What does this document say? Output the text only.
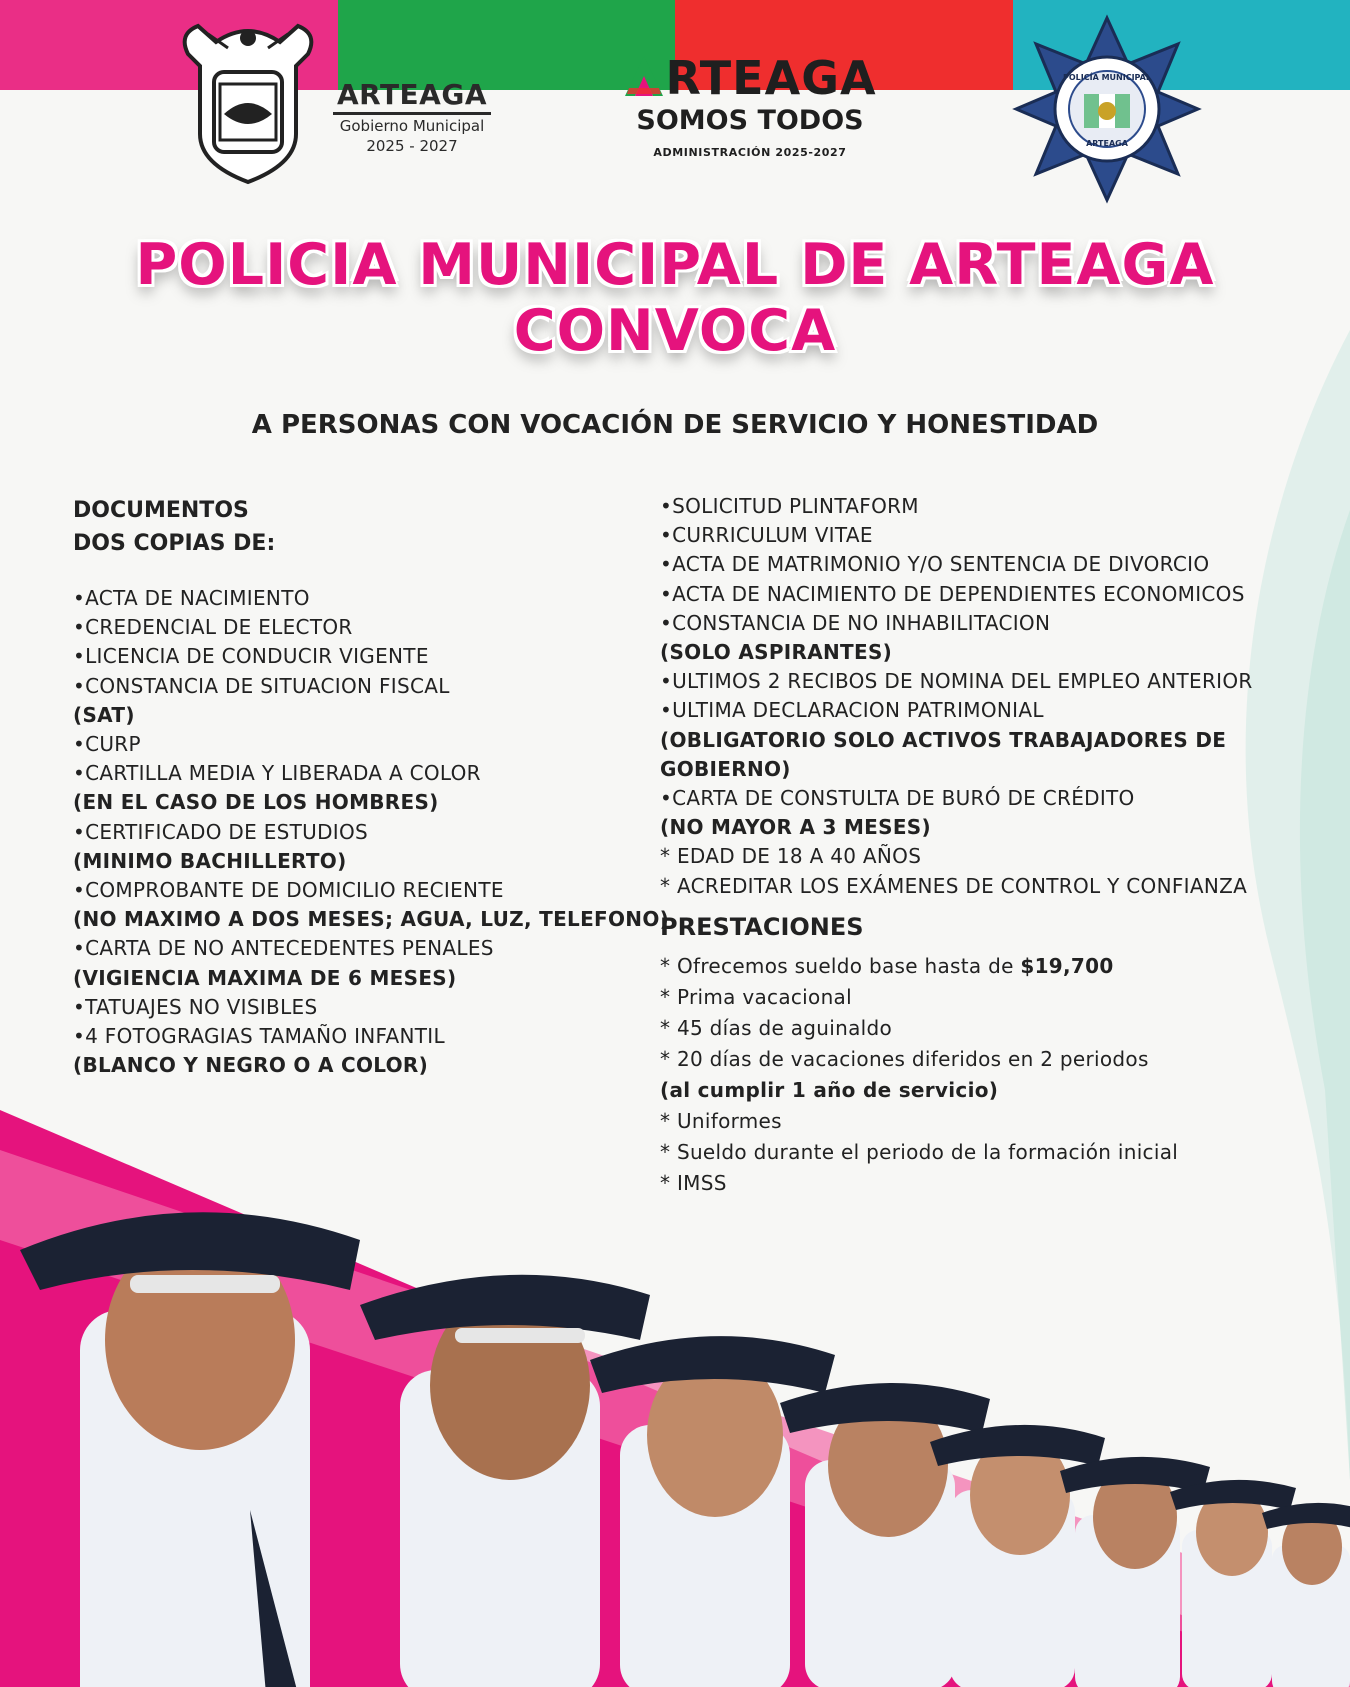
ARTEAGA
Gobierno Municipal
2025 - 2027
RTEAGA
SOMOS TODOS
ADMINISTRACIÓN 2025-2027
POLICÍA MUNICIPAL
ARTEAGA
POLICIA MUNICIPAL DE ARTEAGA
CONVOCA
A PERSONAS CON VOCACIÓN DE SERVICIO Y HONESTIDAD
DOCUMENTOS
DOS COPIAS DE:
•ACTA DE NACIMIENTO
•CREDENCIAL DE ELECTOR
•LICENCIA DE CONDUCIR VIGENTE
•CONSTANCIA DE SITUACION FISCAL
(SAT)
•CURP
•CARTILLA MEDIA Y LIBERADA A COLOR
(EN EL CASO DE LOS HOMBRES)
•CERTIFICADO DE ESTUDIOS
(MINIMO BACHILLERTO)
•COMPROBANTE DE DOMICILIO RECIENTE
(NO MAXIMO A DOS MESES; AGUA, LUZ, TELEFONO)
•CARTA DE NO ANTECEDENTES PENALES
(VIGIENCIA MAXIMA DE 6 MESES)
•TATUAJES NO VISIBLES
•4 FOTOGRAGIAS TAMAÑO INFANTIL
(BLANCO Y NEGRO O A COLOR)
•SOLICITUD PLINTAFORM
•CURRICULUM VITAE
•ACTA DE MATRIMONIO Y/O SENTENCIA DE DIVORCIO
•ACTA DE NACIMIENTO DE DEPENDIENTES ECONOMICOS
•CONSTANCIA DE NO INHABILITACION
(SOLO ASPIRANTES)
•ULTIMOS 2 RECIBOS DE NOMINA DEL EMPLEO ANTERIOR
•ULTIMA DECLARACION PATRIMONIAL
(OBLIGATORIO SOLO ACTIVOS TRABAJADORES DE
GOBIERNO)
•CARTA DE CONSTULTA DE BURÓ DE CRÉDITO
(NO MAYOR A 3 MESES)
* EDAD DE 18 A 40 AÑOS
* ACREDITAR LOS EXÁMENES DE CONTROL Y CONFIANZA
PRESTACIONES
* Ofrecemos sueldo base hasta de $19,700
* Prima vacacional
* 45 días de aguinaldo
* 20 días de vacaciones diferidos en 2 periodos
(al cumplir 1 año de servicio)
* Uniformes
* Sueldo durante el periodo de la formación inicial
* IMSS
